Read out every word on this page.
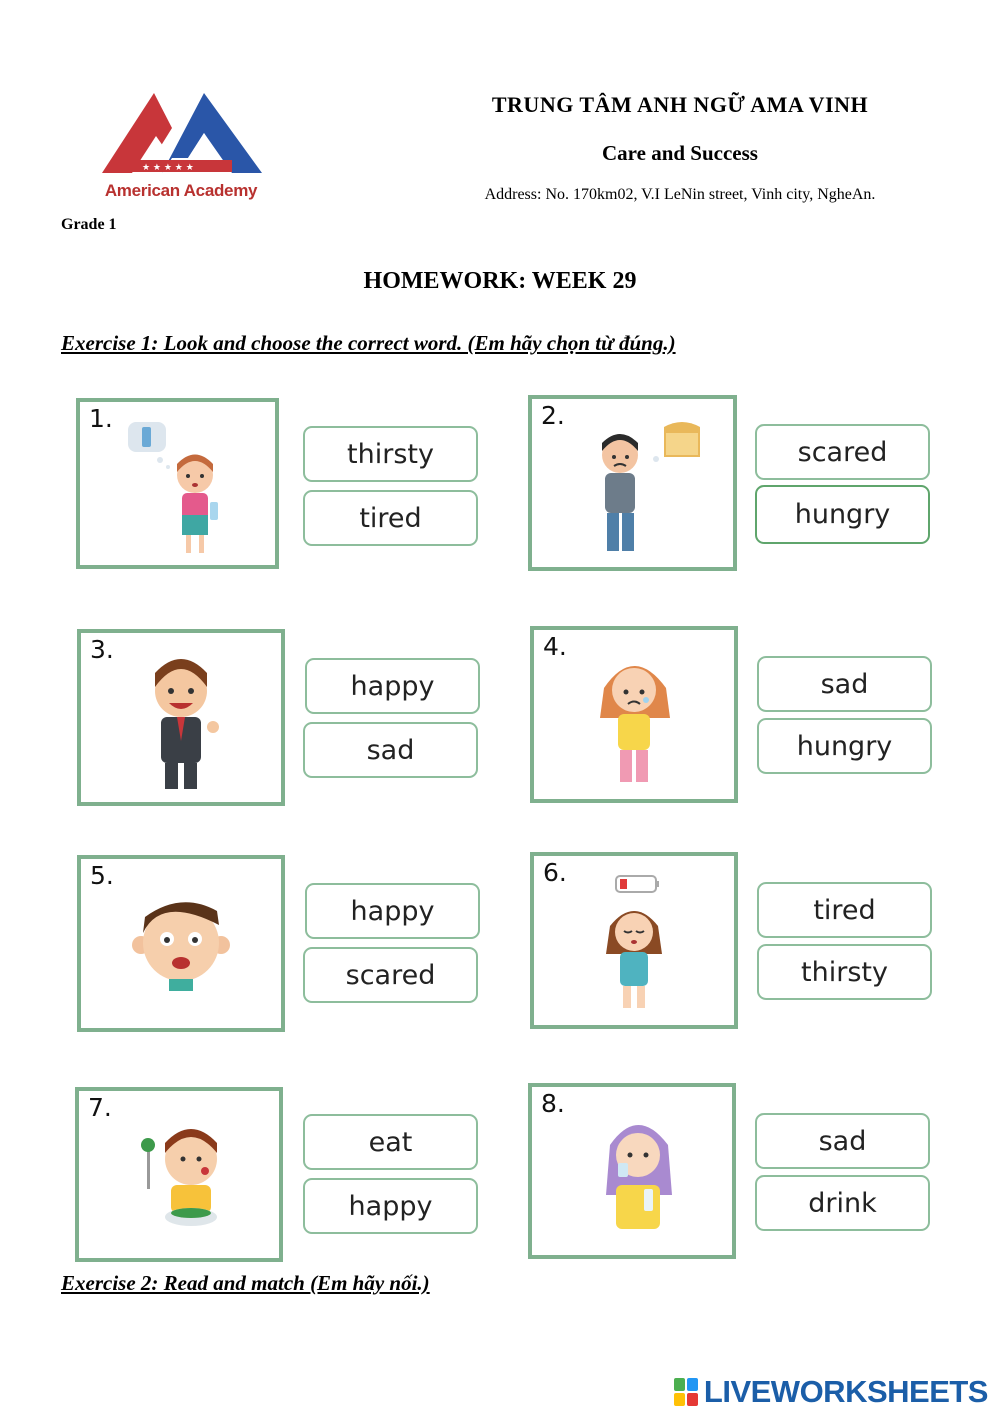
★ ★ ★ ★ ★
American Academy
TRUNG TÂM ANH NGỮ AMA VINH
Care and Success
Address: No. 170km02, V.I LeNin street, Vinh city, NgheAn.
Grade 1
HOMEWORK: WEEK 29
Exercise 1: Look and choose the correct word. (Em hãy chọn từ đúng.)
1.
thirsty
tired
2.
scared
hungry
3.
happy
sad
4.
sad
hungry
5.
happy
scared
6.
tired
thirsty
7.
eat
happy
8.
sad
drink
Exercise 2: Read and match (Em hãy nối.)
LIVEWORKSHEETS
